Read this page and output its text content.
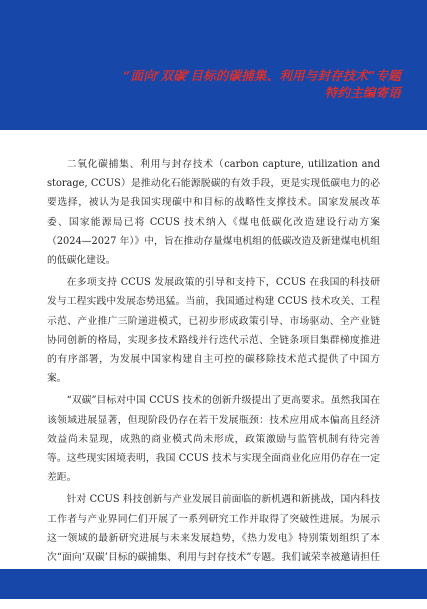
“面向‘双碳’目标的碳捕集、利用与封存技术”专题
特约主编寄语

二氧化碳捕集、利用与封存技术（carbon capture, utilization and storage, CCUS）是推动化石能源脱碳的有效手段，更是实现低碳电力的必要选择，被认为是我国实现碳中和目标的战略性支撑技术。国家发展改革委、国家能源局已将 CCUS 技术纳入《煤电低碳化改造建设行动方案（2024—2027 年）》中，旨在推动存量煤电机组的低碳改造及新建煤电机组的低碳化建设。

在多项支持 CCUS 发展政策的引导和支持下，CCUS 在我国的科技研发与工程实践中发展态势迅猛。当前，我国通过构建 CCUS 技术攻关、工程示范、产业推广三阶递进模式，已初步形成政策引导、市场驱动、全产业链协同创新的格局，实现多技术路线并行迭代示范、全链条项目集群梯度推进的有序部署，为发展中国家构建自主可控的碳移除技术范式提供了中国方案。

“双碳”目标对中国 CCUS 技术的创新升级提出了更高要求。虽然我国在该领域进展显著，但现阶段仍存在若干发展瓶颈：技术应用成本偏高且经济效益尚未显现，成熟的商业模式尚未形成，政策激励与监管机制有待完善等。这些现实困境表明，我国 CCUS 技术与实现全面商业化应用仍存在一定差距。

针对 CCUS 科技创新与产业发展目前面临的新机遇和新挑战，国内科技工作者与产业界同仁们开展了一系列研究工作并取得了突破性进展。为展示这一领域的最新研究进展与未来发展趋势，《热力发电》特别策划组织了本次“面向‘双碳’目标的碳捕集、利用与封存技术”专题。我们诚荣幸被邀请担任
